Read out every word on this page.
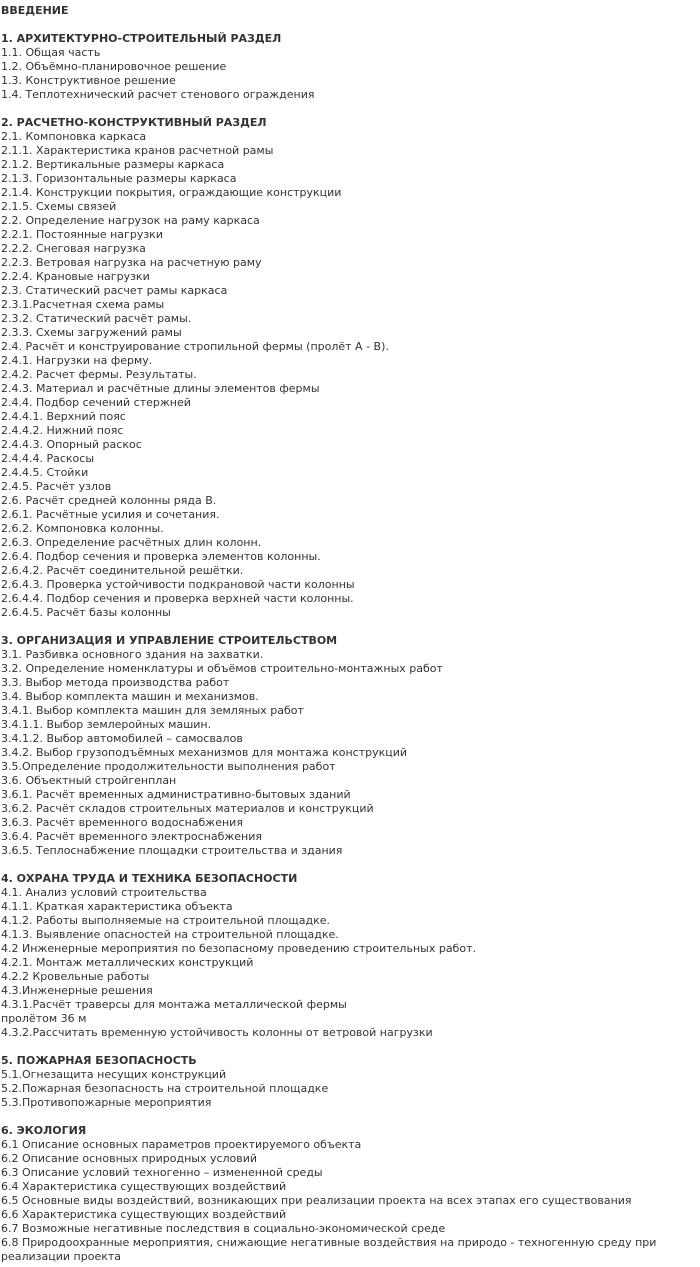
ВВЕДЕНИЕ
1. АРХИТЕКТУРНО-СТРОИТЕЛЬНЫЙ РАЗДЕЛ
1.1. Общая часть
1.2. Объёмно-планировочное решение
1.3. Конструктивное решение
1.4. Теплотехнический расчет стенового ограждения
2. РАСЧЕТНО-КОНСТРУКТИВНЫЙ РАЗДЕЛ
2.1. Компоновка каркаса
2.1.1. Характеристика кранов расчетной рамы
2.1.2. Вертикальные размеры каркаса
2.1.3. Горизонтальные размеры каркаса
2.1.4. Конструкции покрытия, ограждающие конструкции
2.1.5. Схемы связей
2.2. Определение нагрузок на раму каркаса
2.2.1. Постоянные нагрузки
2.2.2. Снеговая нагрузка
2.2.3. Ветровая нагрузка на расчетную раму
2.2.4. Крановые нагрузки
2.3. Статический расчет рамы каркаса
2.3.1.Расчетная схема рамы
2.3.2. Статический расчёт рамы.
2.3.3. Схемы загружений рамы
2.4. Расчёт и конструирование стропильной фермы (пролёт А - В).
2.4.1. Нагрузки на ферму.
2.4.2. Расчет фермы. Результаты.
2.4.3. Материал и расчётные длины элементов фермы
2.4.4. Подбор сечений стержней
2.4.4.1. Верхний пояс
2.4.4.2. Нижний пояс
2.4.4.3. Опорный раскос
2.4.4.4. Раскосы
2.4.4.5. Стойки
2.4.5. Расчёт узлов
2.6. Расчёт средней колонны ряда В.
2.6.1. Расчётные усилия и сочетания.
2.6.2. Компоновка колонны.
2.6.3. Определение расчётных длин колонн.
2.6.4. Подбор сечения и проверка элементов колонны.
2.6.4.2. Расчёт соединительной решётки.
2.6.4.3. Проверка устойчивости подкрановой части колонны
2.6.4.4. Подбор сечения и проверка верхней части колонны.
2.6.4.5. Расчёт базы колонны
3. ОРГАНИЗАЦИЯ И УПРАВЛЕНИЕ СТРОИТЕЛЬСТВОМ
3.1. Разбивка основного здания на захватки.
3.2. Определение номенклатуры и объёмов строительно-монтажных работ
3.3. Выбор метода производства работ
3.4. Выбор комплекта машин и механизмов.
3.4.1. Выбор комплекта машин для земляных работ
3.4.1.1. Выбор землеройных машин.
3.4.1.2. Выбор автомобилей – самосвалов
3.4.2. Выбор грузоподъёмных механизмов для монтажа конструкций
3.5.Определение продолжительности выполнения работ
3.6. Объектный стройгенплан
3.6.1. Расчёт временных административно-бытовых зданий
3.6.2. Расчёт складов строительных материалов и конструкций
3.6.3. Расчёт временного водоснабжения
3.6.4. Расчёт временного электроснабжения
3.6.5. Теплоснабжение площадки строительства и здания
4. ОХРАНА ТРУДА И ТЕХНИКА БЕЗОПАСНОСТИ
4.1. Анализ условий строительства
4.1.1. Краткая характеристика объекта
4.1.2. Работы выполняемые на строительной площадке.
4.1.3. Выявление опасностей на строительной площадке.
4.2 Инженерные мероприятия по безопасному проведению строительных работ.
4.2.1. Монтаж металлических конструкций
4.2.2 Кровельные работы
4.3.Инженерные решения
4.3.1.Расчёт траверсы для монтажа металлической фермы
пролётом 36 м
4.3.2.Рассчитать временную устойчивость колонны от ветровой нагрузки
5. ПОЖАРНАЯ БЕЗОПАСНОСТЬ
5.1.Огнезащита несущих конструкций
5.2.Пожарная безопасность на строительной площадке
5.3.Противопожарные мероприятия
6. ЭКОЛОГИЯ
6.1 Описание основных параметров проектируемого объекта
6.2 Описание основных природных условий
6.3 Описание условий техногенно – измененной среды
6.4 Характеристика существующих воздействий
6.5 Основные виды воздействий, возникающих при реализации проекта на всех этапах его существования
6.6 Характеристика существующих воздействий
6.7 Возможные негативные последствия в социально-экономической среде
6.8 Природоохранные мероприятия, снижающие негативные воздействия на природо - техногенную среду при реализации проекта
